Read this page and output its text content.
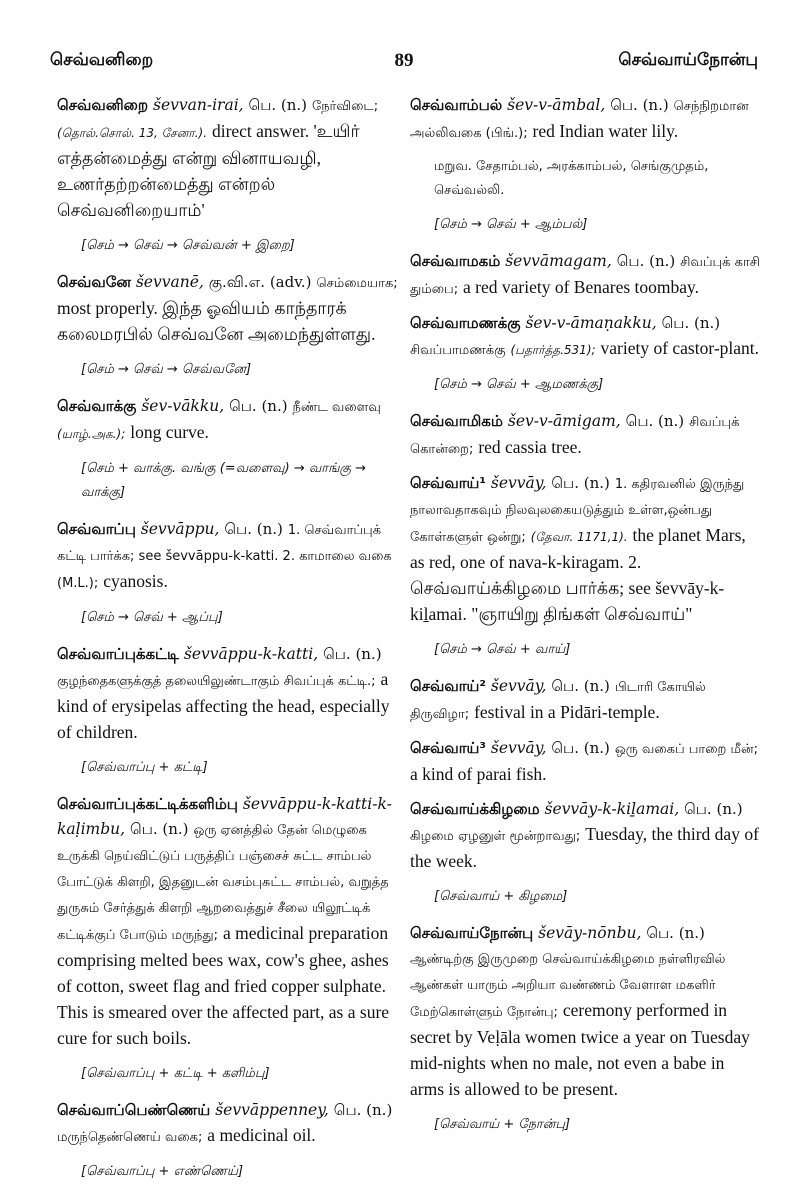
செவ்வனிறை	89	செவ்வாய்நோன்பு
செவ்வனிறை ševvan-irai, பெ. (n.) நேர்விடை; (தொல்.சொல். 13, சேனா.). direct answer. 'உயிர் எத்தன்மைத்து என்று வினாயவழி, உணர்தற்றன்மைத்து என்றல் செவ்வனிறையாம்'
[செம் → செவ் → செவ்வன் + இறை]
செவ்வனே ševvanē, கு.வி.எ. (adv.) செம்மையாக; most properly. இந்த ஓவியம் காந்தாரக் கலைமரபில் செவ்வனே அமைந்துள்ளது.
[செம் → செவ் → செவ்வனே]
செவ்வாக்கு šev-vākku, பெ. (n.) நீண்ட வளைவு (யாழ்.அக.); long curve.
[செம் + வாக்கு. வங்கு (=வளைவு) → வாங்கு → வாக்கு]
செவ்வாப்பு ševvāppu, பெ. (n.) 1. செவ்வாப்புக் கட்டி பார்க்க; see ševvāppu-k-katti. 2. காமாலை வகை (M.L.); cyanosis.
[செம் → செவ் + ஆப்பு]
செவ்வாப்புக்கட்டி ševvāppu-k-katti, பெ. (n.) குழந்தைகளுக்குத் தலையிலுண்டாகும் சிவப்புக் கட்டி.; a kind of erysipelas affecting the head, especially of children.
[செவ்வாப்பு + கட்டி]
செவ்வாப்புக்கட்டிக்களிம்பு ševvāppu-k-katti-k-kaḷimbu, பெ. (n.) ஒரு ஏனத்தில் தேன் மெழுகை உருக்கி நெய்விட்டுப் பருத்திப் பஞ்சைச் சுட்ட சாம்பல் போட்டுக் கிளறி, இதனுடன் வசம்புசுட்ட சாம்பல், வறுத்த துருசும் சேர்த்துக் கிளறி ஆறவைத்துச் சீலை யிலூட்டிக் கட்டிக்குப் போடும் மருந்து; a medicinal preparation comprising melted bees wax, cow's ghee, ashes of cotton, sweet flag and fried copper sulphate. This is smeared over the affected part, as a sure cure for such boils.
[செவ்வாப்பு + கட்டி + களிம்பு]
செவ்வாப்பெண்ணெய் ševvāppenney, பெ. (n.) மருந்தெண்ணெய் வகை; a medicinal oil.
[செவ்வாப்பு + எண்ணெய்]
செவ்வாம்பல் šev-v-āmbal, பெ. (n.) செந்நிறமான அல்லிவகை (பிங்.); red Indian water lily.
மறுவ. சேதாம்பல், அரக்காம்பல், செங்குமுதம், செவ்வல்லி.
[செம் → செவ் + ஆம்பல்]
செவ்வாமகம் ševvāmagam, பெ. (n.) சிவப்புக் காசி தும்பை; a red variety of Benares toombay.
செவ்வாமணக்கு šev-v-āmaṇakku, பெ. (n.) சிவப்பாமணக்கு (பதார்த்த.531); variety of castor-plant.
[செம் → செவ் + ஆமணக்கு]
செவ்வாமிகம் šev-v-āmigam, பெ. (n.) சிவப்புக் கொன்றை; red cassia tree.
செவ்வாய்¹ ševvāy, பெ. (n.) 1. கதிரவனில் இருந்து நாலாவதாகவும் நிலவுலகையடுத்தும் உள்ள,ஒன்பது கோள்களுள் ஒன்று; (தேவா. 1171,1). the planet Mars, as red, one of nava-k-kiragam. 2. செவ்வாய்க்கிழமை பார்க்க; see ševvāy-k-kiḻamai. "ஞாயிறு திங்கள் செவ்வாய்"
[செம் → செவ் + வாய்]
செவ்வாய்² ševvāy, பெ. (n.) பிடாரி கோயில் திருவிழா; festival in a Pidāri-temple.
செவ்வாய்³ ševvāy, பெ. (n.) ஒரு வகைப் பாறை மீன்; a kind of parai fish.
செவ்வாய்க்கிழமை ševvāy-k-kiḻamai, பெ. (n.) கிழமை ஏழனுள் மூன்றாவது; Tuesday, the third day of the week.
[செவ்வாய் + கிழமை]
செவ்வாய்நோன்பு ševāy-nōnbu, பெ. (n.) ஆண்டிற்கு இருமுறை செவ்வாய்க்கிழமை நள்ளிரவில் ஆண்கள் யாரும் அறியா வண்ணம் வேளாள மகளிர் மேற்கொள்ளும் நோன்பு; ceremony performed in secret by Veḷāla women twice a year on Tuesday mid-nights when no male, not even a babe in arms is allowed to be present.
[செவ்வாய் + நோன்பு]
